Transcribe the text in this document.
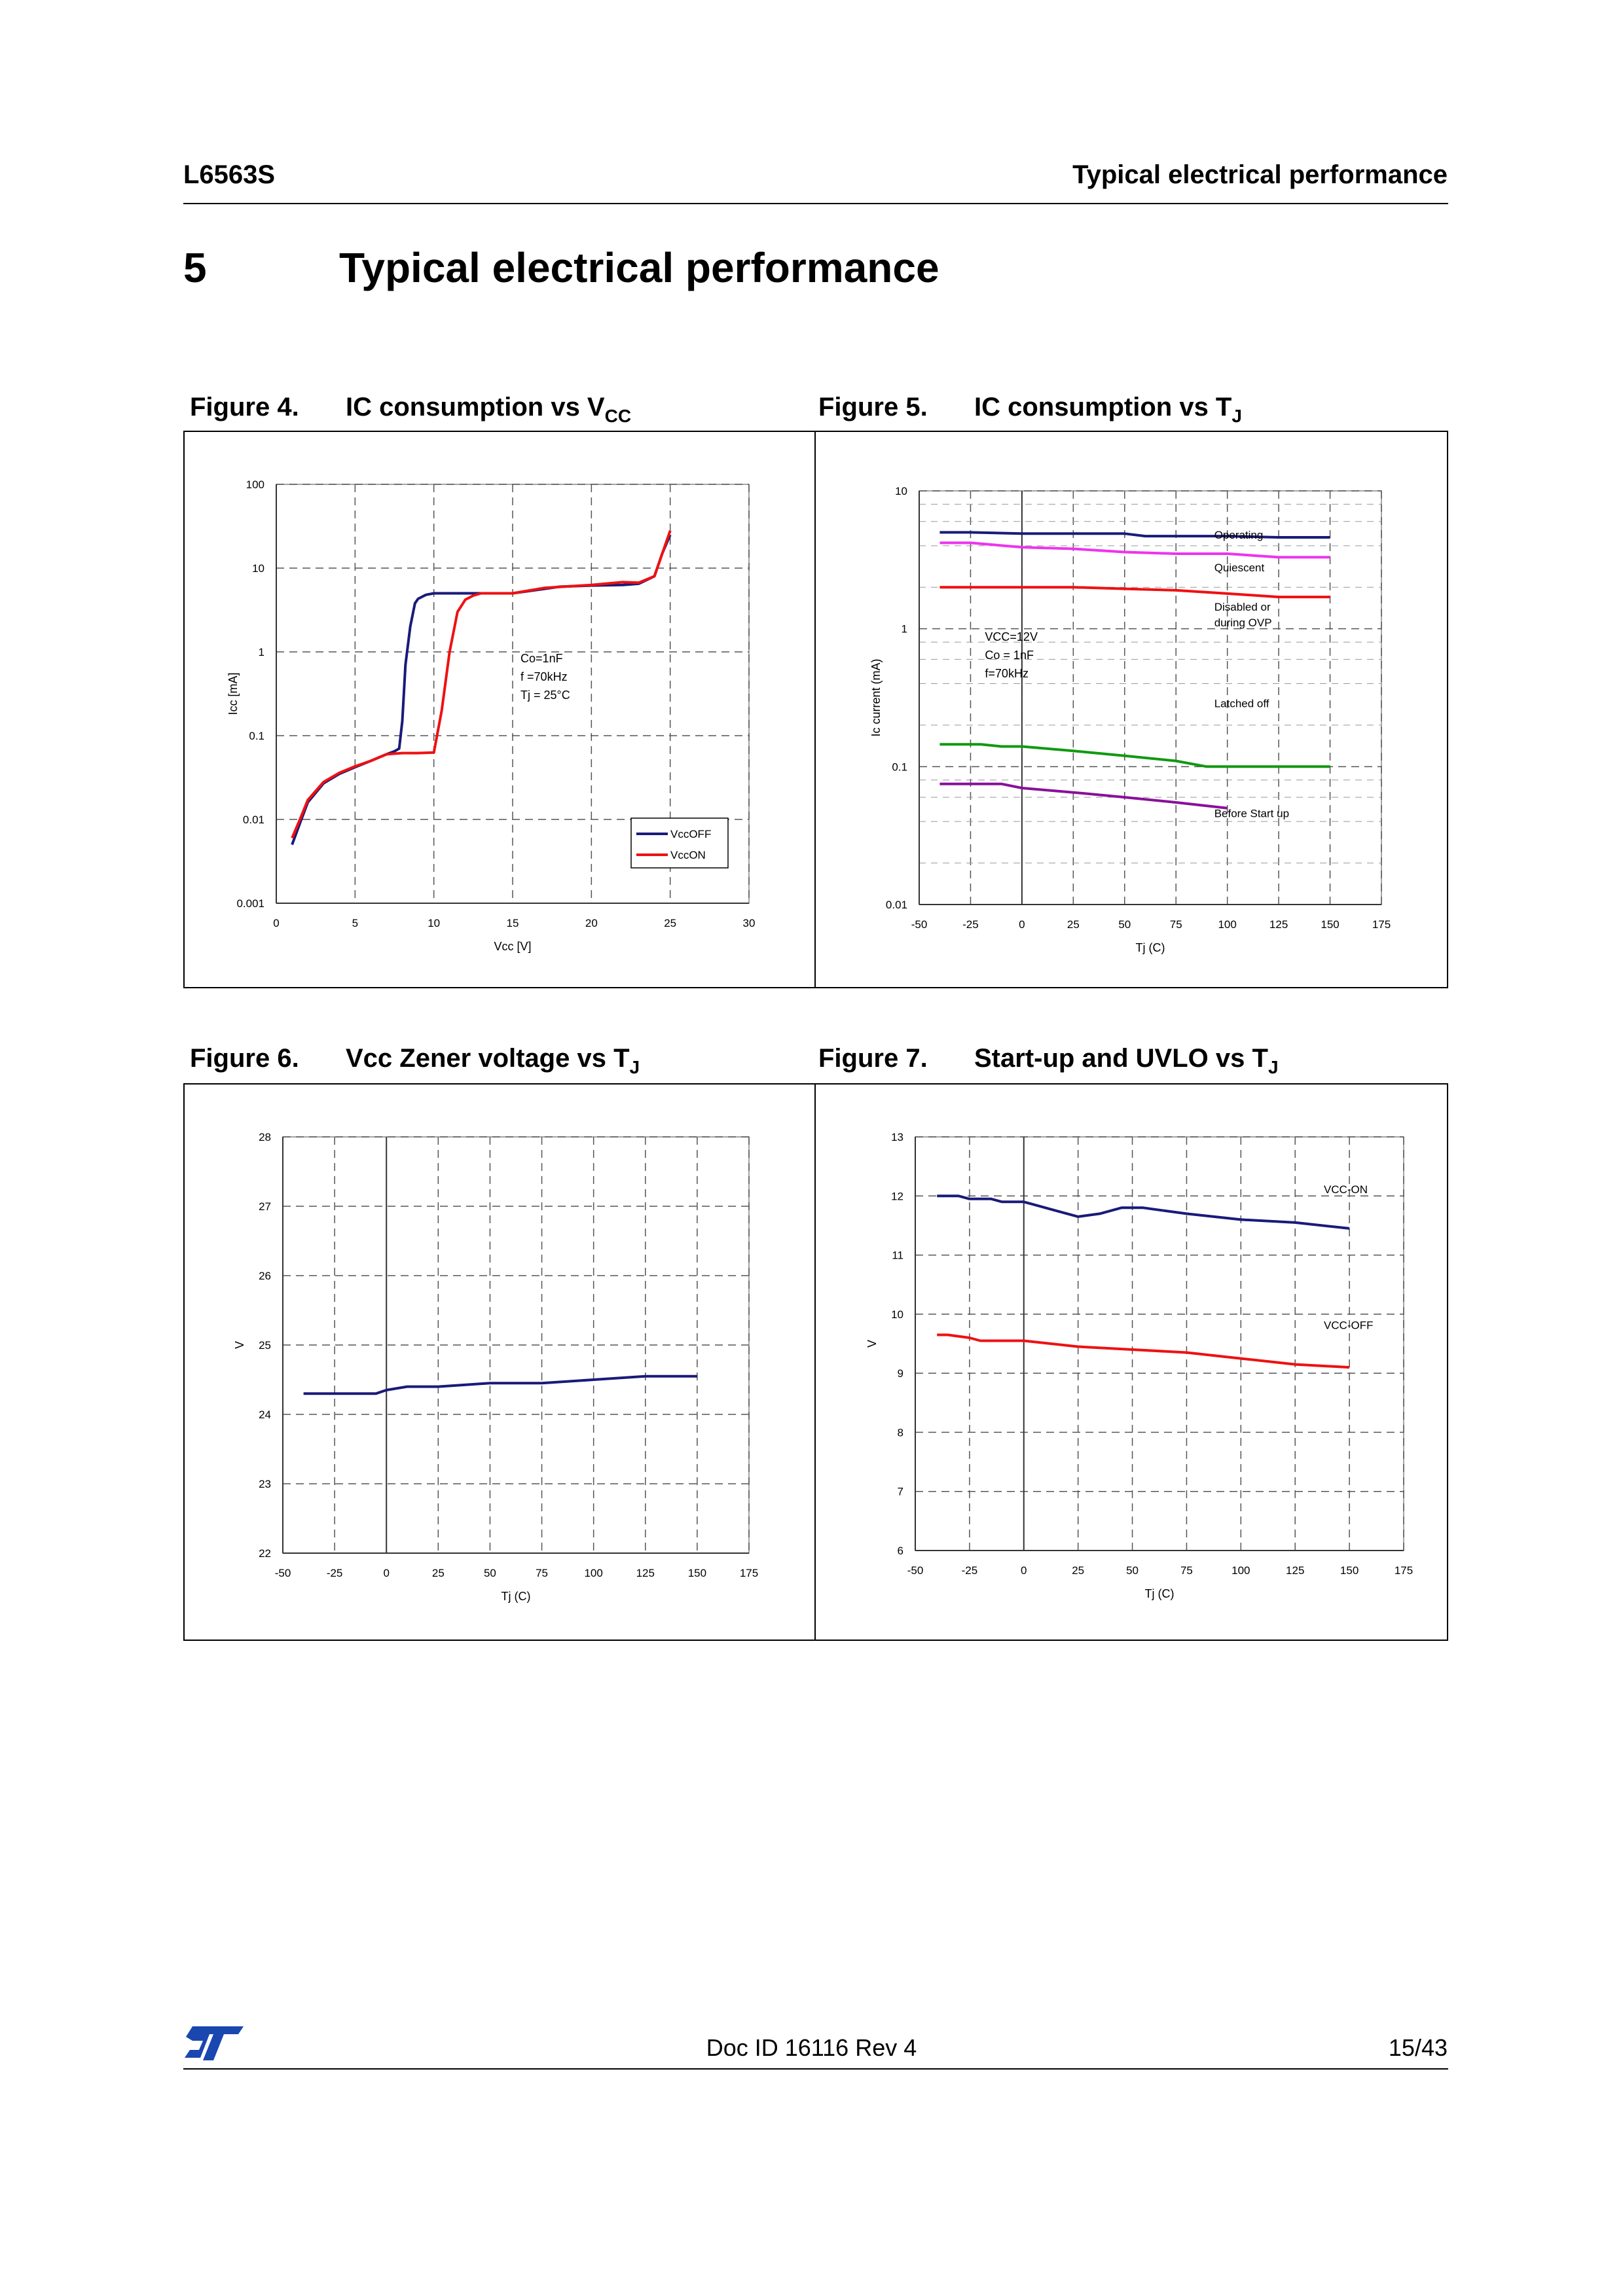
L6563S	Typical electrical performance
5	Typical electrical performance
Figure 4. IC consumption vs $V_{CC}$	Figure 5. IC consumption vs $T_J$
Figure 6. Vcc Zener voltage vs $T_J$	Figure 7. Start-up and UVLO vs $T_J$
0	5	10	15	20	25	30
0.001
0.01
0.1
1
10
100
Vcc [V]
Icc [mA]
Co=1nF
f =70kHz
Tj = 25°C
VccOFF
VccON
-50	-25	0	25	50	75	100	125	150	175
0.01
0.1
1
10
Tj (C)
Ic current (mA)
VCC=12V
Co = 1nF
f=70kHz
Operating
Quiescent
Disabled or
during OVP
Latched off
Before Start up
-50	-25	0	25	50	75	100	125	150	175
22
23
24
25
26
27
28
Tj (C)
V
-50	-25	0	25	50	75	100	125	150	175
6
7
8
9
10
11
12
13
Tj (C)
V
VCC-ON
VCC-OFF
Doc ID 16116 Rev 4	15/43
